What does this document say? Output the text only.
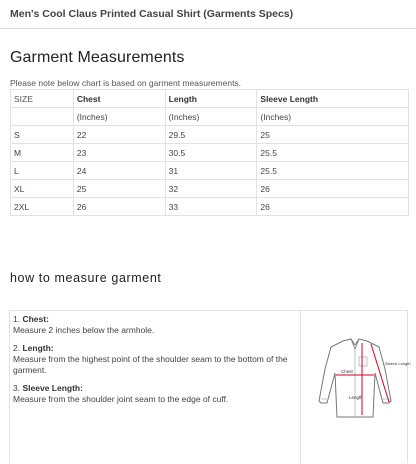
Men's Cool Claus Printed Casual Shirt (Garments Specs)
Garment Measurements
Please note below chart is based on garment measurements.
SIZE	Chest	Length	Sleeve Length
	(Inches)	(Inches)	(Inches)
S	22	29.5	25
M	23	30.5	25.5
L	24	31	25.5
XL	25	32	26
2XL	26	33	26
how to measure garment
1. Chest:
Measure 2 inches below the armhole.
2. Length:
Measure from the highest point of the shoulder seam to the bottom of the garment.
3. Sleeve Length:
Measure from the shoulder joint seam to the edge of cuff.
Chest
Length
Sleeve Length
